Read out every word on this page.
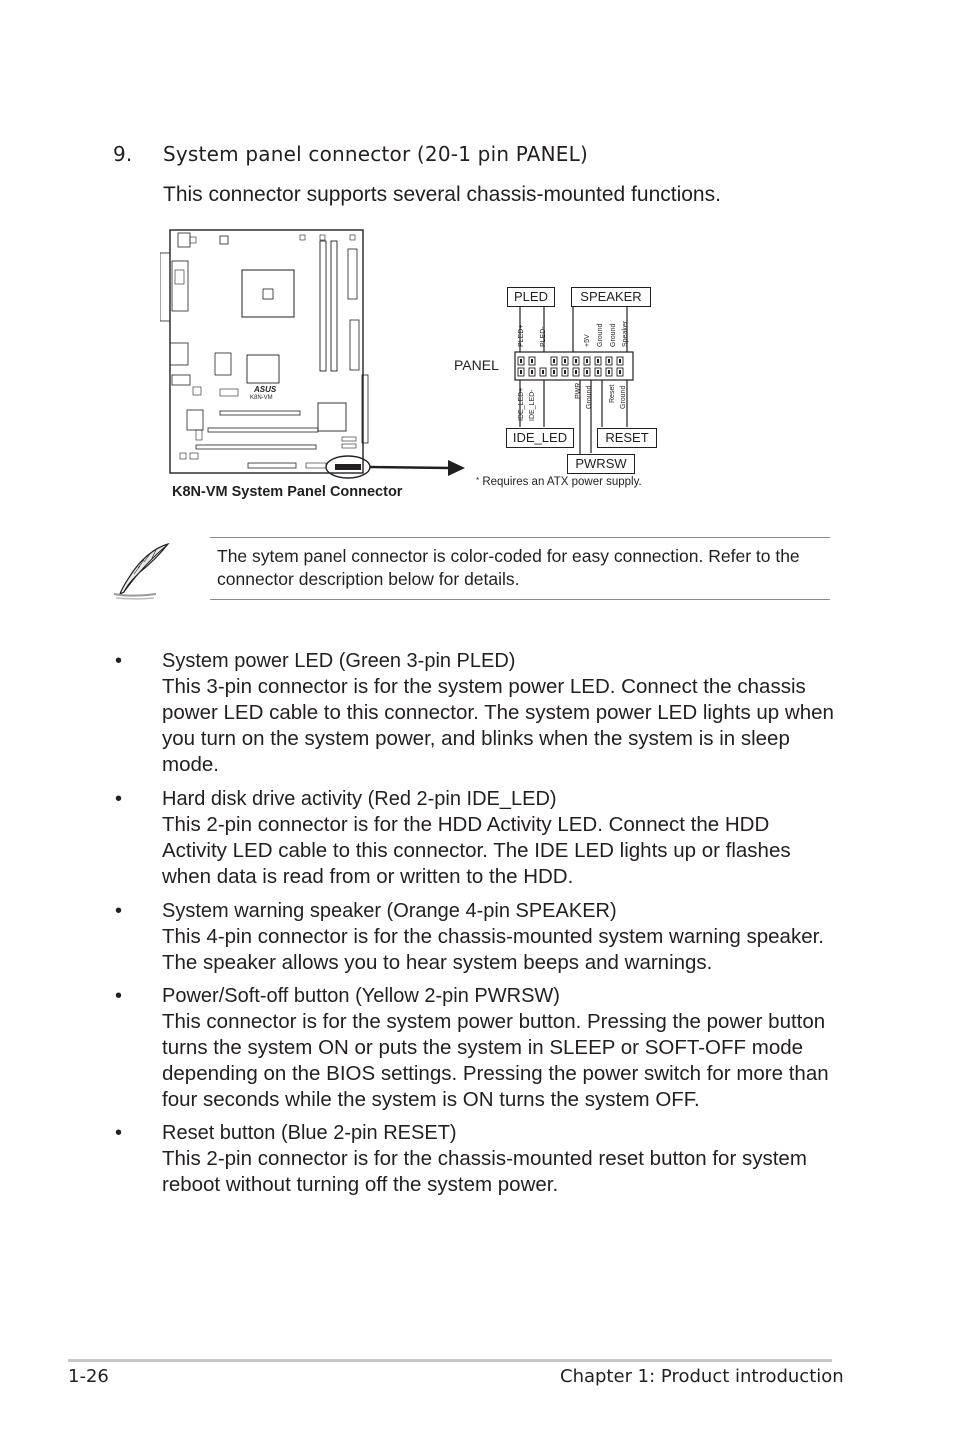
9. System panel connector (20-1 pin PANEL)
This connector supports several chassis-mounted functions.
ASUS
K8N-VM
K8N-VM System Panel Connector
PANEL
PLED	SPEAKER
IDE_LED	RESET
PWRSW
PLED+ PLED-	+5V Ground Ground Speaker
IDE_LED+ IDE_LED-	PWR Ground Reset Ground
* Requires an ATX power supply.
The sytem panel connector is color-coded for easy connection. Refer to the connector description below for details.
• System power LED (Green 3-pin PLED)
This 3-pin connector is for the system power LED. Connect the chassis power LED cable to this connector. The system power LED lights up when you turn on the system power, and blinks when the system is in sleep mode.
• Hard disk drive activity (Red 2-pin IDE_LED)
This 2-pin connector is for the HDD Activity LED. Connect the HDD Activity LED cable to this connector. The IDE LED lights up or flashes when data is read from or written to the HDD.
• System warning speaker (Orange 4-pin SPEAKER)
This 4-pin connector is for the chassis-mounted system warning speaker. The speaker allows you to hear system beeps and warnings.
• Power/Soft-off button (Yellow 2-pin PWRSW)
This connector is for the system power button. Pressing the power button turns the system ON or puts the system in SLEEP or SOFT-OFF mode depending on the BIOS settings. Pressing the power switch for more than four seconds while the system is ON turns the system OFF.
• Reset button (Blue 2-pin RESET)
This 2-pin connector is for the chassis-mounted reset button for system reboot without turning off the system power.
1-26	Chapter 1: Product introduction
